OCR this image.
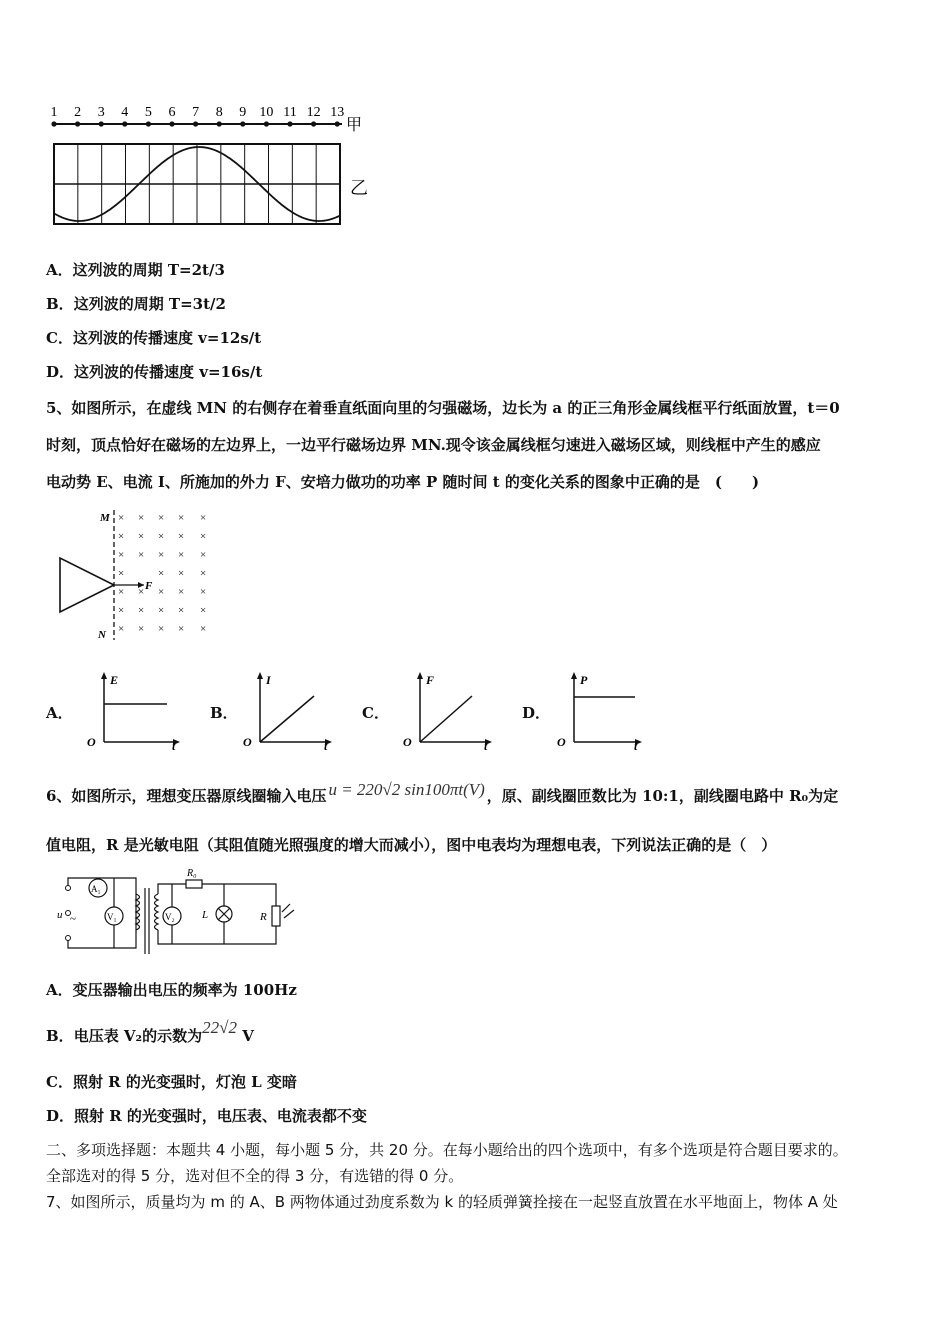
1 2 3 4 5 6 7 8 9 10 11 12 13
甲
乙
A．这列波的周期 T=2t/3
B．这列波的周期 T=3t/2
C．这列波的传播速度 v=12s/t
D．这列波的传播速度 v=16s/t
5、如图所示，在虚线 MN 的右侧存在着垂直纸面向里的匀强磁场，边长为 a 的正三角形金属线框平行纸面放置，t＝0
时刻，顶点恰好在磁场的左边界上，一边平行磁场边界 MN.现令该金属线框匀速进入磁场区域，则线框中产生的感应
电动势 E、电流 I、所施加的外力 F、安培力做功的功率 P 随时间 t 的变化关系的图象中正确的是　(　　)
M
N
× × × × ×
× × × × ×
× × × × ×
×	× × ×
× × × × ×
× × × × ×
× × × × ×
F
A．
E
O	t
B．
I
O	t
C．
F
O	t
D．
P
O	t
6、如图所示，理想变压器原线圈输入电压 u = 220√2 sin100πt(V) ，原、副线圈匝数比为 10:1，副线圈电路中 R₀为定
值电阻，R 是光敏电阻（其阻值随光照强度的增大而减小），图中电表均为理想电表，下列说法正确的是（　）
u ~
A₁
V₁	V₂
R₀
L	R
A．变压器输出电压的频率为 100Hz
B．电压表 V₂的示数为22√2 V
C．照射 R 的光变强时，灯泡 L 变暗
D．照射 R 的光变强时，电压表、电流表都不变
二、多项选择题：本题共 4 小题，每小题 5 分，共 20 分。在每小题给出的四个选项中，有多个选项是符合题目要求的。
全部选对的得 5 分，选对但不全的得 3 分，有选错的得 0 分。
7、如图所示，质量均为 m 的 A、B 两物体通过劲度系数为 k 的轻质弹簧拴接在一起竖直放置在水平地面上，物体 A 处
